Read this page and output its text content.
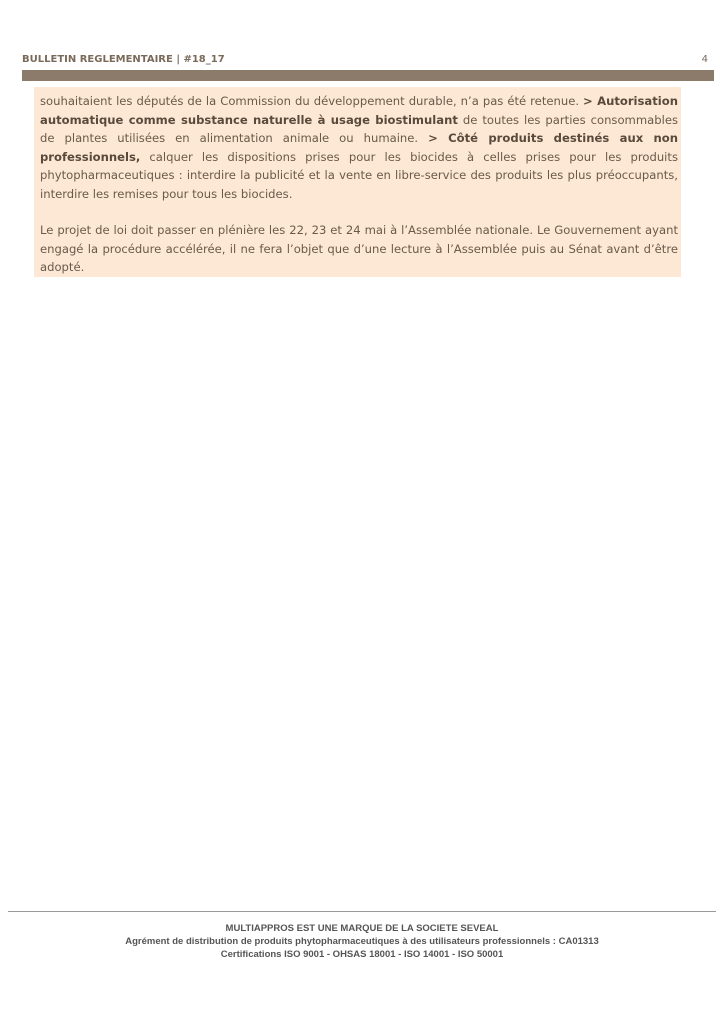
BULLETIN REGLEMENTAIRE | #18_17	4

souhaitaient les députés de la Commission du développement durable, n’a pas été retenue. > Autorisation automatique comme substance naturelle à usage biostimulant de toutes les parties consommables de plantes utilisées en alimentation animale ou humaine. > Côté produits destinés aux non professionnels, calquer les dispositions prises pour les biocides à celles prises pour les produits phytopharmaceutiques : interdire la publicité et la vente en libre-service des produits les plus préoccupants, interdire les remises pour tous les biocides.

Le projet de loi doit passer en plénière les 22, 23 et 24 mai à l’Assemblée nationale. Le Gouvernement ayant engagé la procédure accélérée, il ne fera l’objet que d’une lecture à l’Assemblée puis au Sénat avant d’être adopté.

MULTIAPPROS EST UNE MARQUE DE LA SOCIETE SEVEAL
Agrément de distribution de produits phytopharmaceutiques à des utilisateurs professionnels : CA01313
Certifications ISO 9001 - OHSAS 18001 - ISO 14001 - ISO 50001
